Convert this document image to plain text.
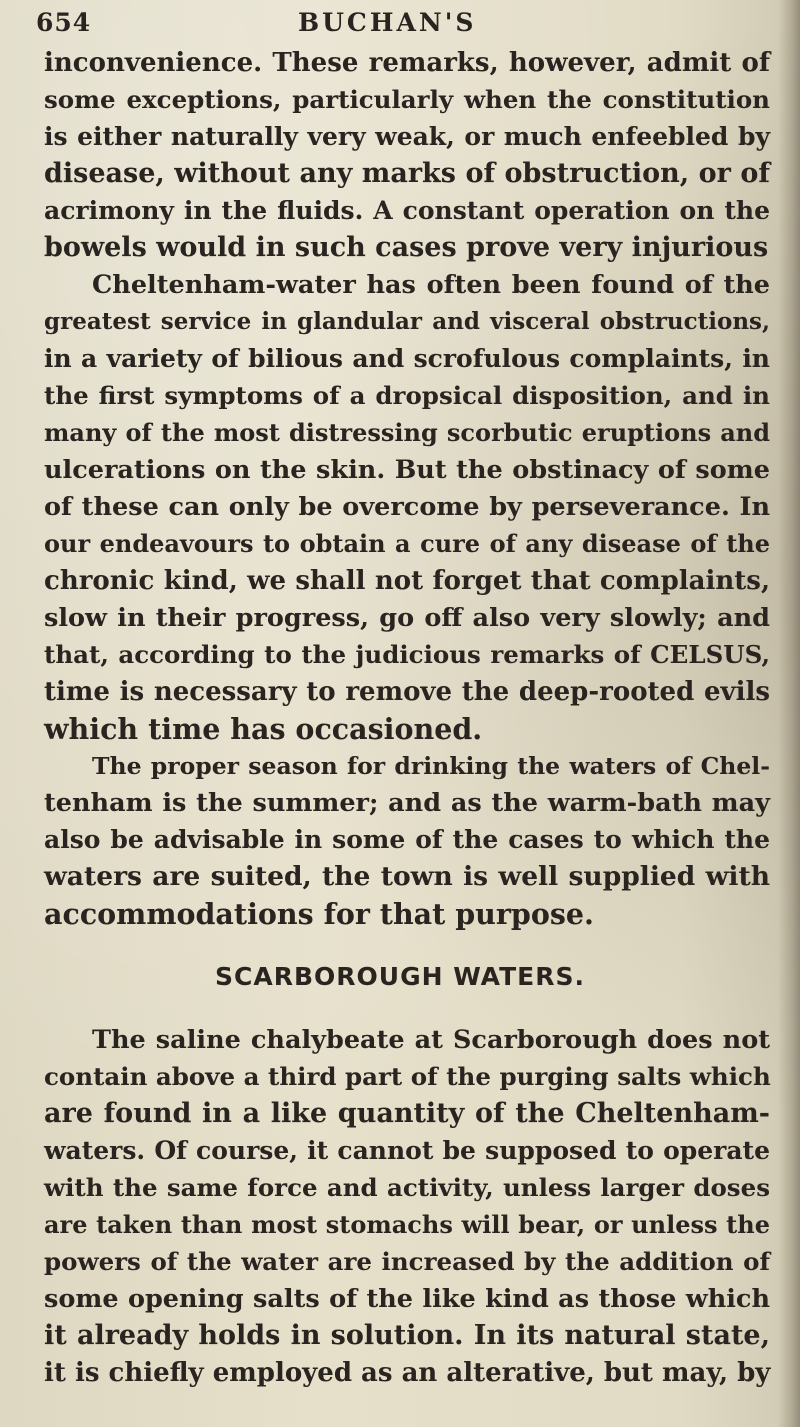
654	BUCHAN'S
inconvenience. These remarks, however, admit of
some exceptions, particularly when the constitution
is either naturally very weak, or much enfeebled by
disease, without any marks of obstruction, or of
acrimony in the fluids. A constant operation on the
bowels would in such cases prove very injurious
Cheltenham-water has often been found of the
greatest service in glandular and visceral obstructions,
in a variety of bilious and scrofulous complaints, in
the first symptoms of a dropsical disposition, and in
many of the most distressing scorbutic eruptions and
ulcerations on the skin. But the obstinacy of some
of these can only be overcome by perseverance. In
our endeavours to obtain a cure of any disease of the
chronic kind, we shall not forget that complaints,
slow in their progress, go off also very slowly; and
that, according to the judicious remarks of CELSUS,
time is necessary to remove the deep-rooted evils
which time has occasioned.
The proper season for drinking the waters of Chel-
tenham is the summer; and as the warm-bath may
also be advisable in some of the cases to which the
waters are suited, the town is well supplied with
accommodations for that purpose.
SCARBOROUGH WATERS.
The saline chalybeate at Scarborough does not
contain above a third part of the purging salts which
are found in a like quantity of the Cheltenham-
waters. Of course, it cannot be supposed to operate
with the same force and activity, unless larger doses
are taken than most stomachs will bear, or unless the
powers of the water are increased by the addition of
some opening salts of the like kind as those which
it already holds in solution. In its natural state,
it is chiefly employed as an alterative, but may, by
